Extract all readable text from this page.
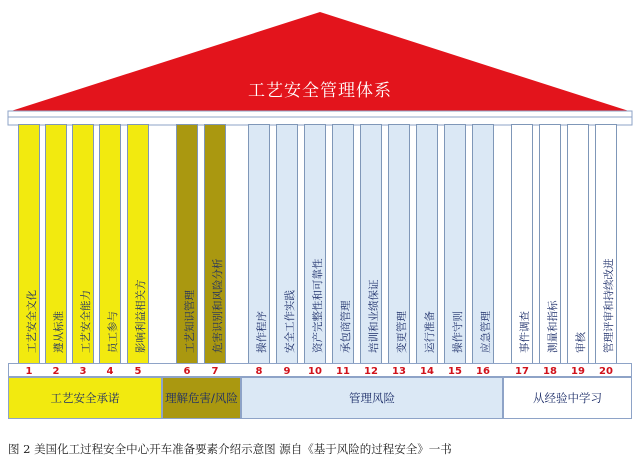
工艺安全管理体系
工艺安全文化 遵从标准 工艺安全能力 员工参与 影响利益相关方	工艺知识管理 危害识别和风险分析	操作程序 安全工作实践 资产完整性和可靠性 承包商管理 培训和业绩保证 变更管理 运行准备 操作守则 应急管理	事件调查 测量和指标 审核 管理评审和持续改进
1	2	3	4	5	6	7	8	9	10	11	12	13	14	15	16	17	18	19	20
工艺安全承诺	理解危害/风险	管理风险	从经验中学习
图 2 美国化工过程安全中心开车准备要素介绍示意图 源自《基于风险的过程安全》一书
